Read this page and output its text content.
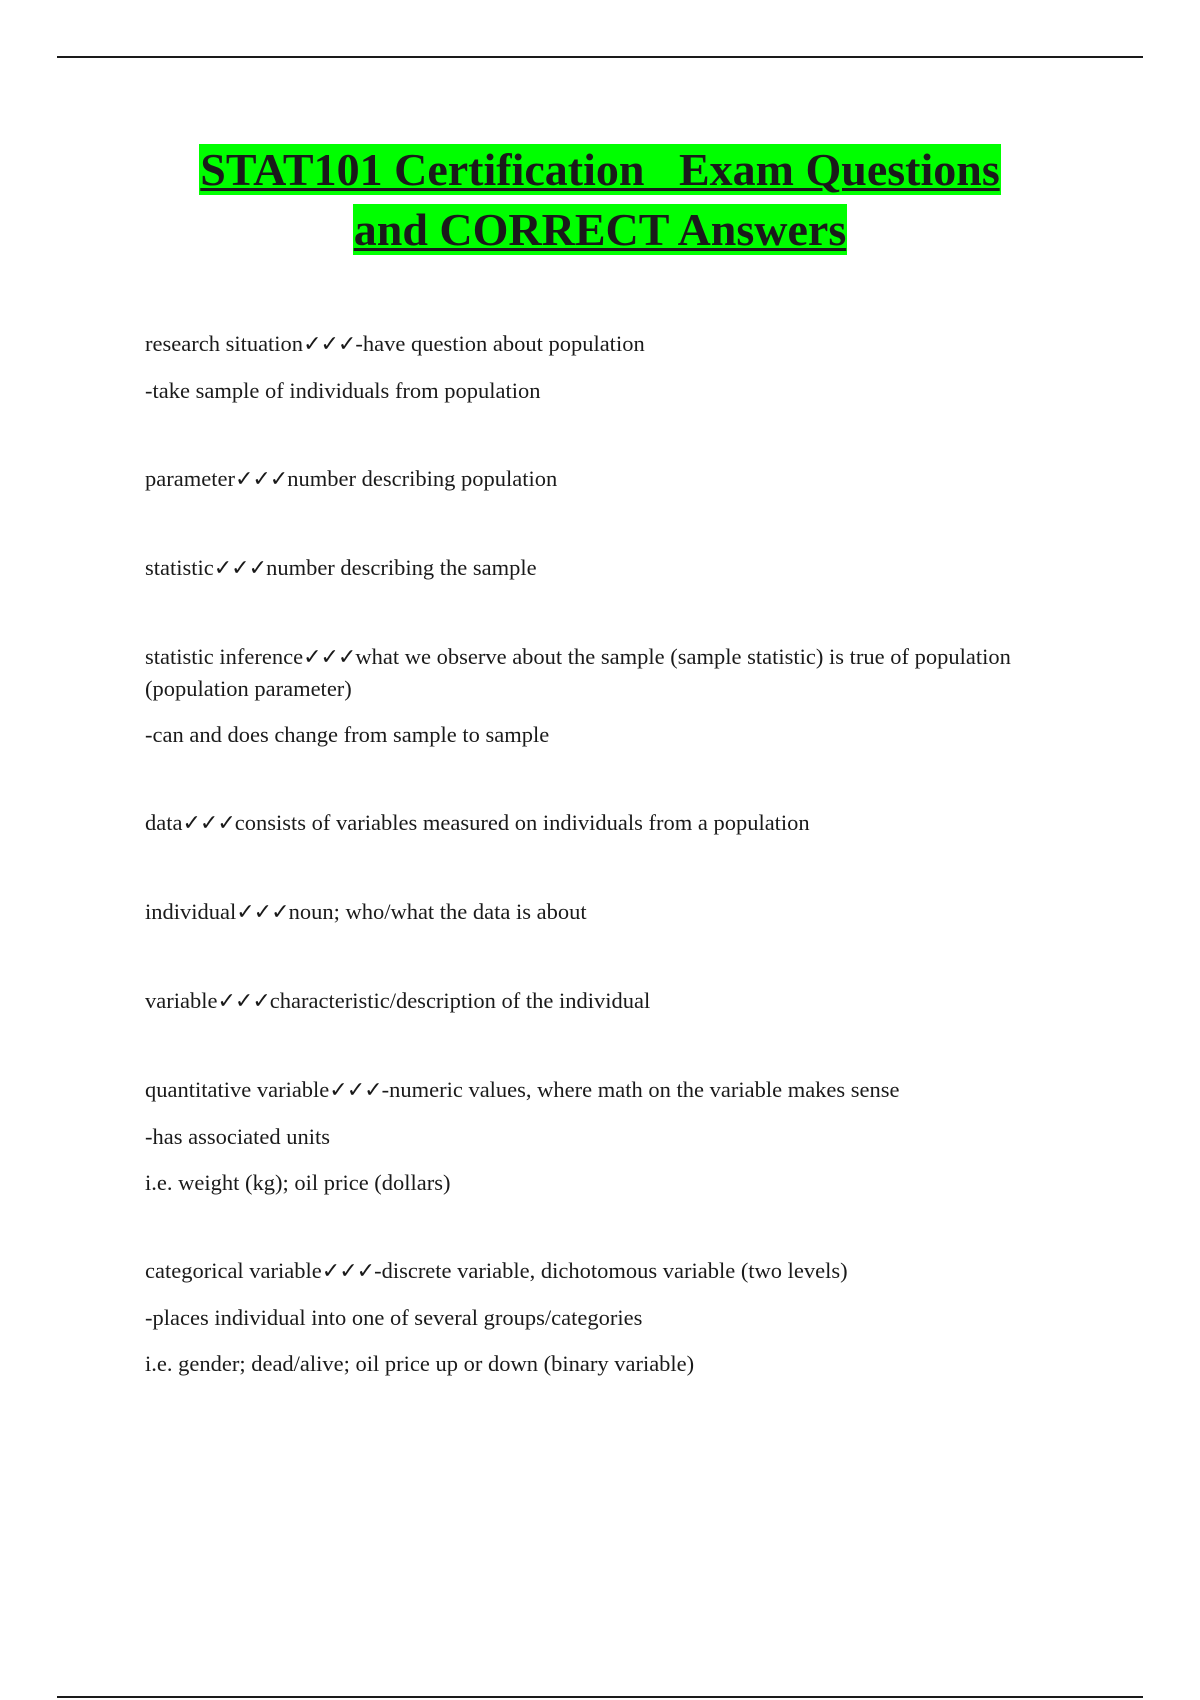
STAT101 Certification   Exam Questions
and CORRECT Answers

research situation✓✓✓-have question about population

-take sample of individuals from population

parameter✓✓✓number describing population

statistic✓✓✓number describing the sample

statistic inference✓✓✓what we observe about the sample (sample statistic) is true of population (population parameter)

-can and does change from sample to sample

data✓✓✓consists of variables measured on individuals from a population

individual✓✓✓noun; who/what the data is about

variable✓✓✓characteristic/description of the individual

quantitative variable✓✓✓-numeric values, where math on the variable makes sense

-has associated units

i.e. weight (kg); oil price (dollars)

categorical variable✓✓✓-discrete variable, dichotomous variable (two levels)

-places individual into one of several groups/categories

i.e. gender; dead/alive; oil price up or down (binary variable)
